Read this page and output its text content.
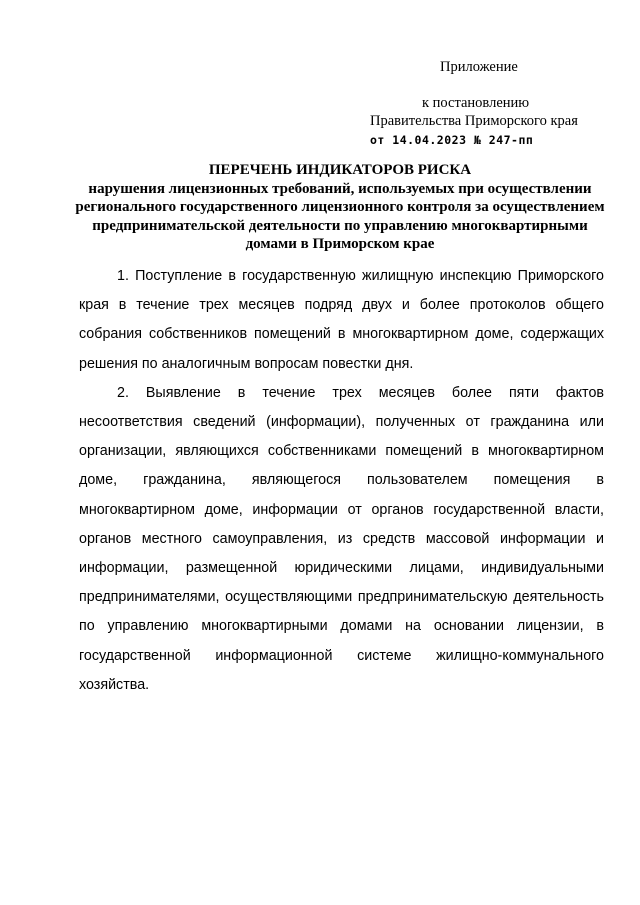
Приложение
к постановлению
Правительства Приморского края
от 14.04.2023 № 247-пп
ПЕРЕЧЕНЬ ИНДИКАТОРОВ РИСКА
нарушения лицензионных требований, используемых при осуществлении регионального государственного лицензионного контроля за осуществлением предпринимательской деятельности по управлению многоквартирными домами в Приморском крае

1. Поступление в государственную жилищную инспекцию Приморского края в течение трех месяцев подряд двух и более протоколов общего собрания собственников помещений в многоквартирном доме, содержащих решения по аналогичным вопросам повестки дня.

2. Выявление в течение трех месяцев более пяти фактов несоответствия сведений (информации), полученных от гражданина или организации, являющихся собственниками помещений в многоквартирном доме, гражданина, являющегося пользователем помещения в многоквартирном доме, информации от органов государственной власти, органов местного самоуправления, из средств массовой информации и информации, размещенной юридическими лицами, индивидуальными предпринимателями, осуществляющими предпринимательскую деятельность по управлению многоквартирными домами на основании лицензии, в государственной информационной системе жилищно-коммунального хозяйства.
